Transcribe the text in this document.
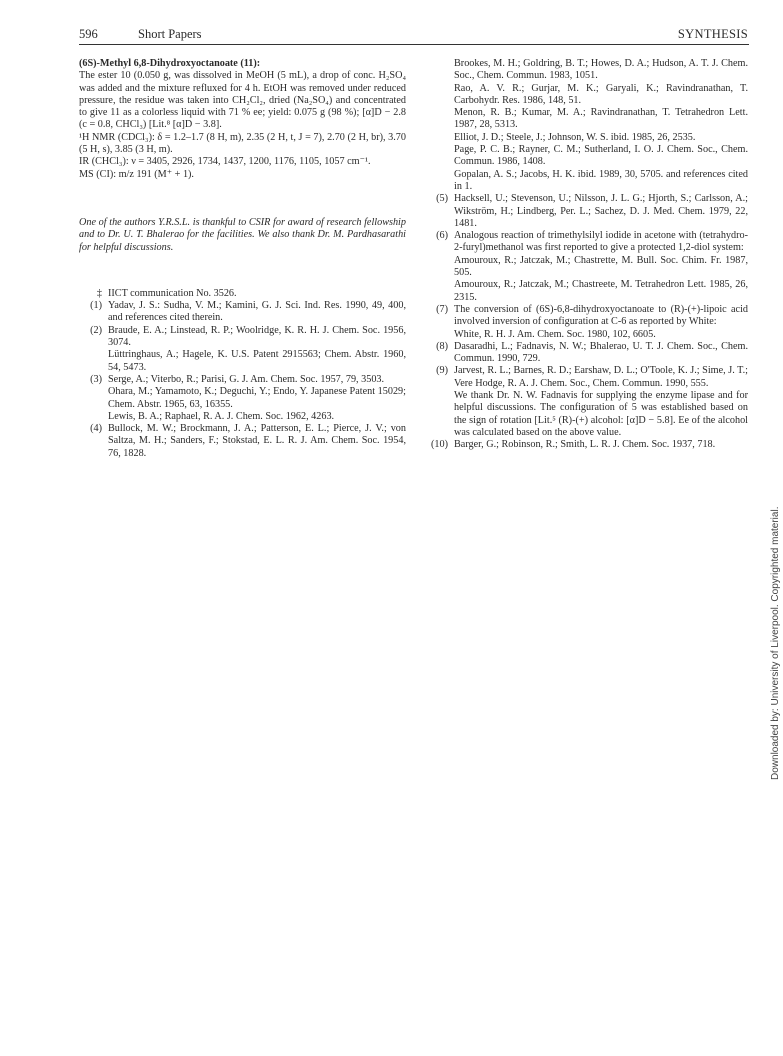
596	Short Papers	SYNTHESIS

(6S)-Methyl 6,8-Dihydroxyoctanoate (11):

The ester 10 (0.050 g, was dissolved in MeOH (5 mL), a drop of conc. H₂SO₄ was added and the mixture refluxed for 4 h. EtOH was removed under reduced pressure, the residue was taken into CH₂Cl₂, dried (Na₂SO₄) and concentrated to give 11 as a colorless liquid with 71 % ee; yield: 0.075 g (98 %); [α]D − 2.8 (c = 0.8, CHCl₃) [Lit.⁸ [α]D − 3.8].

¹H NMR (CDCl₃): δ = 1.2–1.7 (8 H, m), 2.35 (2 H, t, J = 7), 2.70 (2 H, br), 3.70 (5 H, s), 3.85 (3 H, m).

IR (CHCl₃): ν = 3405, 2926, 1734, 1437, 1200, 1176, 1105, 1057 cm⁻¹.

MS (CI): m/z 191 (M⁺ + 1).

One of the authors Y.R.S.L. is thankful to CSIR for award of research fellowship and to Dr. U. T. Bhalerao for the facilities. We also thank Dr. M. Pardhasarathi for helpful discussions.

‡ IICT communication No. 3526.

(1) Yadav, J. S.: Sudha, V. M.; Kamini, G. J. Sci. Ind. Res. 1990, 49, 400, and references cited therein.

(2) Braude, E. A.; Linstead, R. P.; Woolridge, K. R. H. J. Chem. Soc. 1956, 3074.

Lüttringhaus, A.; Hagele, K. U.S. Patent 2915563; Chem. Abstr. 1960, 54, 5473.

(3) Serge, A.; Viterbo, R.; Parisi, G. J. Am. Chem. Soc. 1957, 79, 3503.

Ohara, M.; Yamamoto, K.; Deguchi, Y.; Endo, Y. Japanese Patent 15029; Chem. Abstr. 1965, 63, 16355.

Lewis, B. A.; Raphael, R. A. J. Chem. Soc. 1962, 4263.

(4) Bullock, M. W.; Brockmann, J. A.; Patterson, E. L.; Pierce, J. V.; von Saltza, M. H.; Sanders, F.; Stokstad, E. L. R. J. Am. Chem. Soc. 1954, 76, 1828.

Brookes, M. H.; Goldring, B. T.; Howes, D. A.; Hudson, A. T. J. Chem. Soc., Chem. Commun. 1983, 1051.

Rao, A. V. R.; Gurjar, M. K.; Garyali, K.; Ravindranathan, T. Carbohydr. Res. 1986, 148, 51.

Menon, R. B.; Kumar, M. A.; Ravindranathan, T. Tetrahedron Lett. 1987, 28, 5313.

Elliot, J. D.; Steele, J.; Johnson, W. S. ibid. 1985, 26, 2535.

Page, P. C. B.; Rayner, C. M.; Sutherland, I. O. J. Chem. Soc., Chem. Commun. 1986, 1408.

Gopalan, A. S.; Jacobs, H. K. ibid. 1989, 30, 5705. and references cited in 1.

(5) Hacksell, U.; Stevenson, U.; Nilsson, J. L. G.; Hjorth, S.; Carlsson, A.; Wikström, H.; Lindberg, Per. L.; Sachez, D. J. Med. Chem. 1979, 22, 1481.

(6) Analogous reaction of trimethylsilyl iodide in acetone with (tetrahydro-2-furyl)methanol was first reported to give a protected 1,2-diol system:

Amouroux, R.; Jatczak, M.; Chastrette, M. Bull. Soc. Chim. Fr. 1987, 505.

Amouroux, R.; Jatczak, M.; Chastreete, M. Tetrahedron Lett. 1985, 26, 2315.

(7) The conversion of (6S)-6,8-dihydroxyoctanoate to (R)-(+)-lipoic acid involved inversion of configuration at C-6 as reported by White:

White, R. H. J. Am. Chem. Soc. 1980, 102, 6605.

(8) Dasaradhi, L.; Fadnavis, N. W.; Bhalerao, U. T. J. Chem. Soc., Chem. Commun. 1990, 729.

(9) Jarvest, R. L.; Barnes, R. D.; Earshaw, D. L.; O'Toole, K. J.; Sime, J. T.; Vere Hodge, R. A. J. Chem. Soc., Chem. Commun. 1990, 555.

We thank Dr. N. W. Fadnavis for supplying the enzyme lipase and for helpful discussions. The configuration of 5 was established based on the sign of rotation [Lit.⁵ (R)-(+) alcohol: [α]D − 5.8]. Ee of the alcohol was calculated based on the above value.

(10) Barger, G.; Robinson, R.; Smith, L. R. J. Chem. Soc. 1937, 718.

Downloaded by: University of Liverpool. Copyrighted material.
